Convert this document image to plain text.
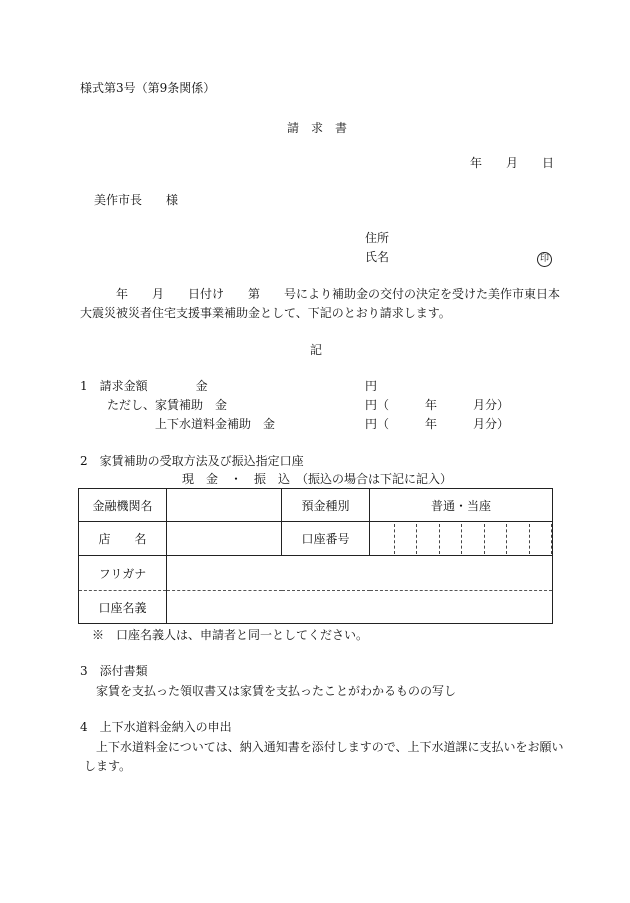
様式第3号（第9条関係）
請　求　書
年　　月　　日
美作市長　　様
住所
氏名	印
　　　年　　月　　日付け　　第　　号により補助金の交付の決定を受けた美作市東日本
大震災被災者住宅支援事業補助金として、下記のとおり請求します。
記
1　請求金額　　　　金	円
ただし、家賃補助　金	円（　　　年　　　月分）
上下水道料金補助　金	円（　　　年　　　月分）
2　家賃補助の受取方法及び振込指定口座
現　金　・　振　込　（振込の場合は下記に記入）
金融機関名		預金種別	普通・当座
店　　名		口座番号	

フリガナ			
口座名義			
※　口座名義人は、申請者と同一としてください。
3　添付書類
家賃を支払った領収書又は家賃を支払ったことがわかるものの写し
4　上下水道料金納入の申出
上下水道料金については、納入通知書を添付しますので、上下水道課に支払いをお願い
します。
